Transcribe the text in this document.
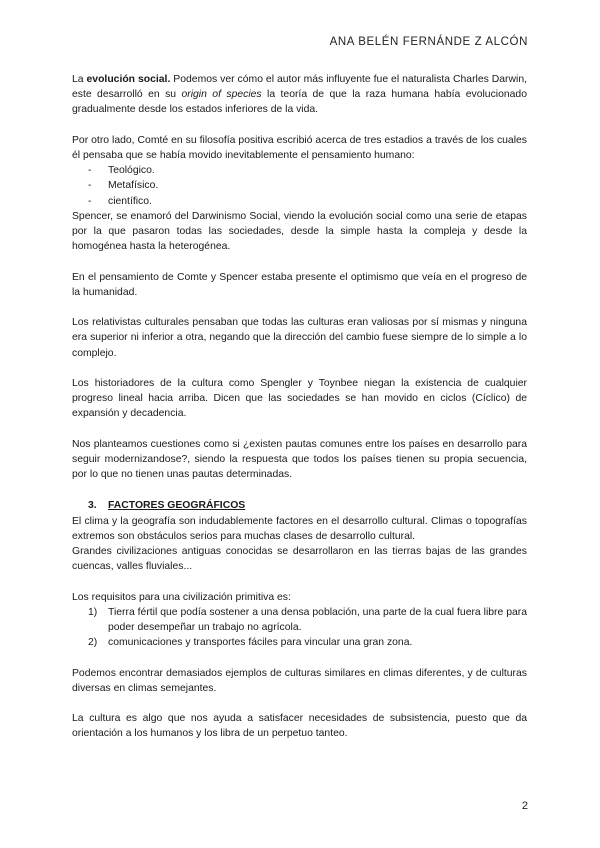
ANA BELÉN FERNÁNDE Z ALCÓN

La evolución social. Podemos ver cómo el autor más influyente fue el naturalista Charles Darwin, este desarrolló en su origin of species la teoría de que la raza humana había evolucionado gradualmente desde los estados inferiores de la vida.

Por otro lado, Comté en su filosofía positiva escribió acerca de tres estadios a través de los cuales él pensaba que se había movido inevitablemente el pensamiento humano:

- Teológico.
- Metafísico.
- científico.

Spencer, se enamoró del Darwinismo Social, viendo la evolución social como una serie de etapas por la que pasaron todas las sociedades, desde la simple hasta la compleja y desde la homogénea hasta la heterogénea.

En el pensamiento de Comte y Spencer estaba presente el optimismo que veía en el progreso de la humanidad.

Los relativistas culturales pensaban que todas las culturas eran valiosas por sí mismas y ninguna era superior ni inferior a otra, negando que la dirección del cambio fuese siempre de lo simple a lo complejo.

Los historiadores de la cultura como Spengler y Toynbee niegan la existencia de cualquier progreso lineal hacia arriba. Dicen que las sociedades se han movido en ciclos (Cíclico) de expansión y decadencia.

Nos planteamos cuestiones como si ¿existen pautas comunes entre los países en desarrollo para seguir modernizandose?, siendo la respuesta que todos los países tienen su propia secuencia, por lo que no tienen unas pautas determinadas.

3. FACTORES GEOGRÁFICOS

El clima y la geografía son indudablemente factores en el desarrollo cultural. Climas o topografías extremos son obstáculos serios para muchas clases de desarrollo cultural.

Grandes civilizaciones antiguas conocidas se desarrollaron en las tierras bajas de las grandes cuencas, valles fluviales...

Los requisitos para una civilización primitiva es:

1) Tierra fértil que podía sostener a una densa población, una parte de la cual fuera libre para poder desempeñar un trabajo no agrícola.
2) comunicaciones y transportes fáciles para vincular una gran zona.

Podemos encontrar demasiados ejemplos de culturas similares en climas diferentes, y de culturas diversas en climas semejantes.

La cultura es algo que nos ayuda a satisfacer necesidades de subsistencia, puesto que da orientación a los humanos y los libra de un perpetuo tanteo.

2
